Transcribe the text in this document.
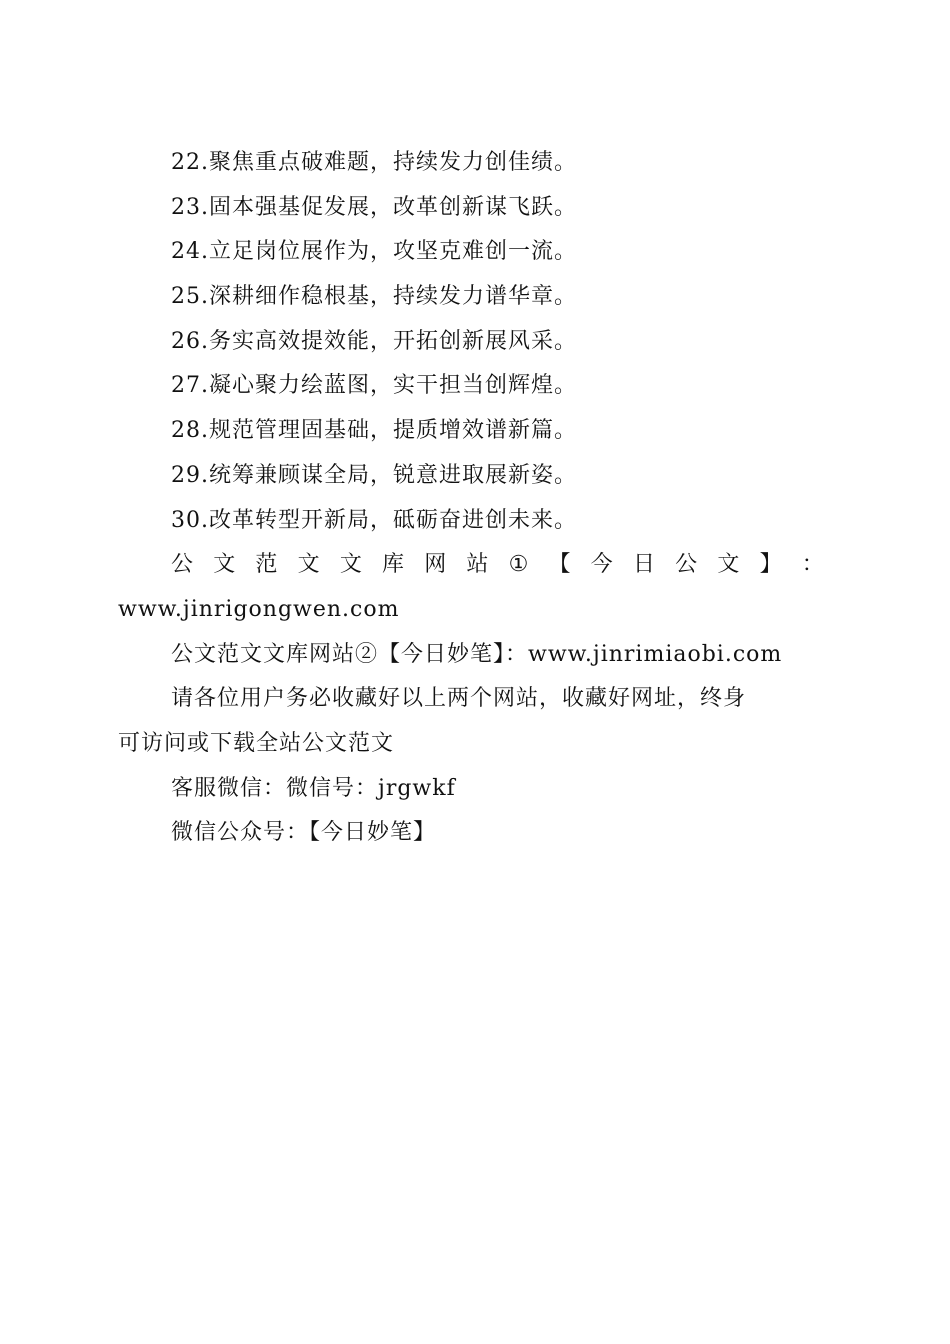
22.聚焦重点破难题，持续发力创佳绩。
23.固本强基促发展，改革创新谋飞跃。
24.立足岗位展作为，攻坚克难创一流。
25.深耕细作稳根基，持续发力谱华章。
26.务实高效提效能，开拓创新展风采。
27.凝心聚力绘蓝图，实干担当创辉煌。
28.规范管理固基础，提质增效谱新篇。
29.统筹兼顾谋全局，锐意进取展新姿。
30.改革转型开新局，砥砺奋进创未来。
公 文 范 文 文 库 网 站 ① 【 今 日 公 文 】 ：
www.jinrigongwen.com
公文范文文库网站②【今日妙笔】：www.jinrimiaobi.com
请各位用户务必收藏好以上两个网站，收藏好网址，终身
可访问或下载全站公文范文
客服微信：微信号：jrgwkf
微信公众号：【今日妙笔】
